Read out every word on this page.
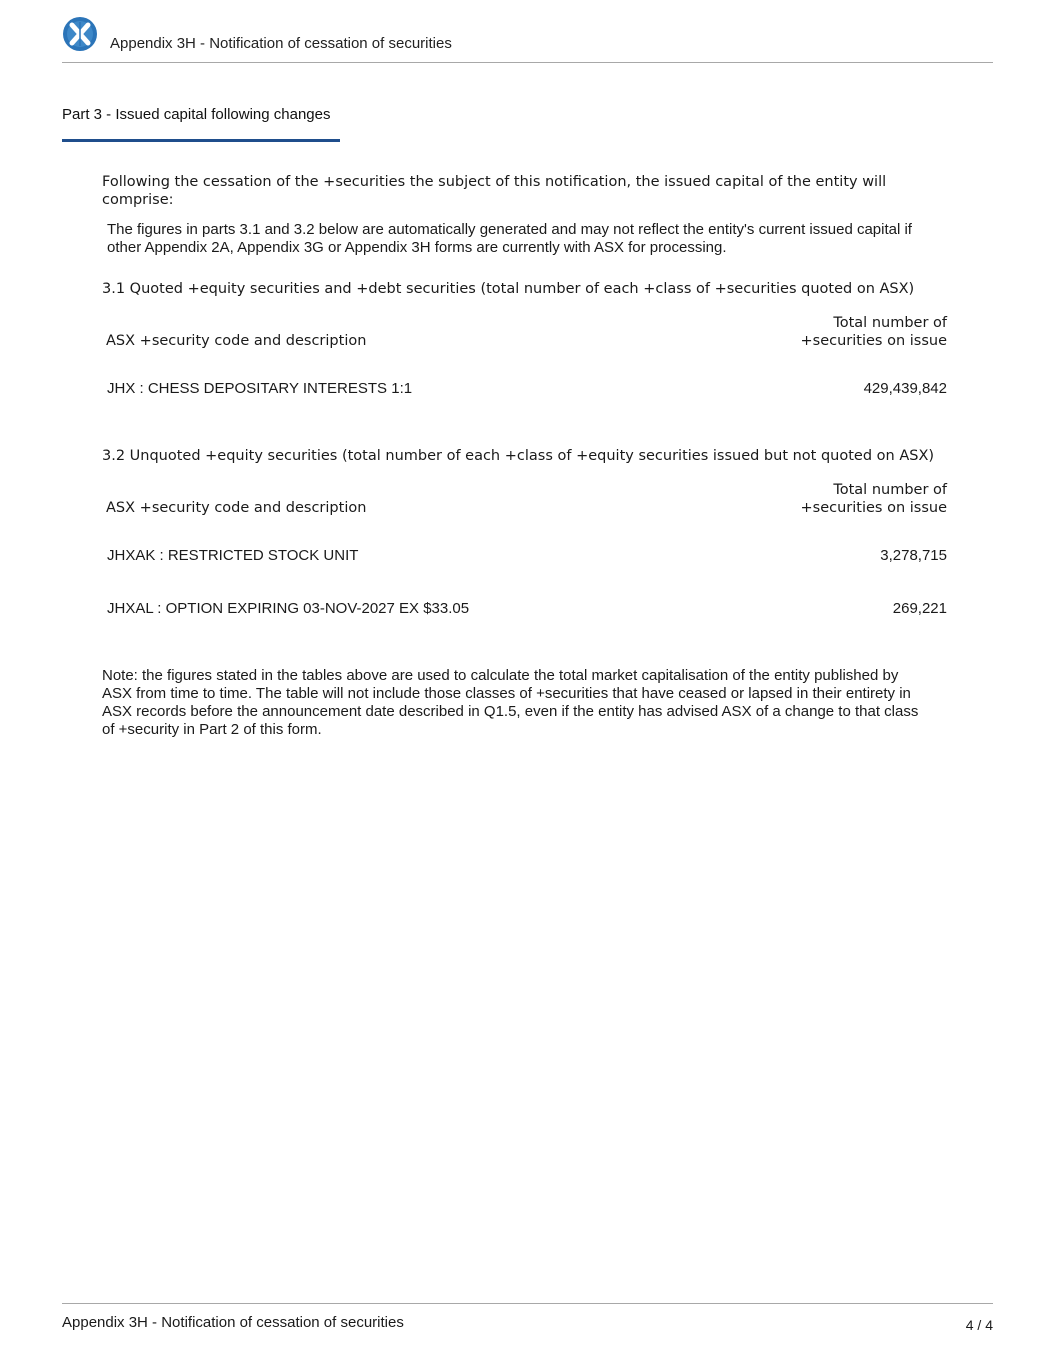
Appendix 3H - Notification of cessation of securities
Part 3 - Issued capital following changes
Following the cessation of the +securities the subject of this notification, the issued capital of the entity will
comprise:
The figures in parts 3.1 and 3.2 below are automatically generated and may not reflect the entity's current issued capital if
other Appendix 2A, Appendix 3G or Appendix 3H forms are currently with ASX for processing.
3.1 Quoted +equity securities and +debt securities (total number of each +class of +securities quoted on ASX)
Total number of
ASX +security code and description	+securities on issue
JHX : CHESS DEPOSITARY INTERESTS 1:1	429,439,842
3.2 Unquoted +equity securities (total number of each +class of +equity securities issued but not quoted on ASX)
Total number of
ASX +security code and description	+securities on issue
JHXAK : RESTRICTED STOCK UNIT	3,278,715
JHXAL : OPTION EXPIRING 03-NOV-2027 EX $33.05	269,221
Note: the figures stated in the tables above are used to calculate the total market capitalisation of the entity published by
ASX from time to time. The table will not include those classes of +securities that have ceased or lapsed in their entirety in
ASX records before the announcement date described in Q1.5, even if the entity has advised ASX of a change to that class
of +security in Part 2 of this form.
Appendix 3H - Notification of cessation of securities	4 / 4
